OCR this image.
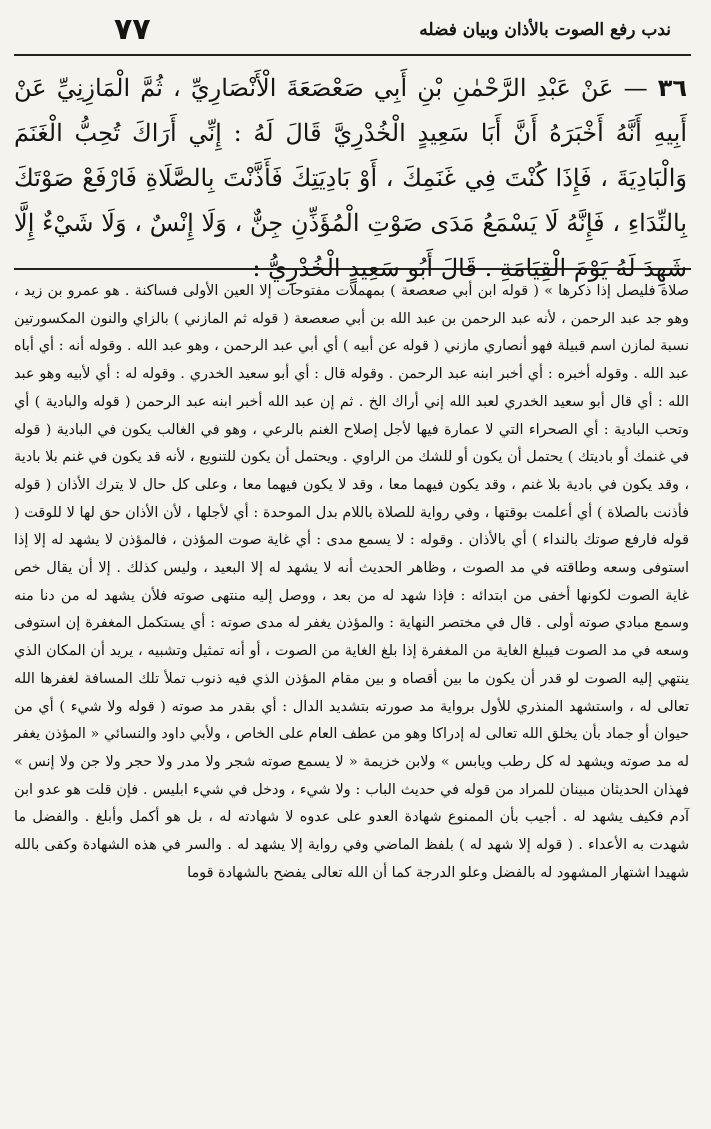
٧٧	ندب رفع الصوت بالأذان وبيان فضله
٣٦ — عَنْ عَبْدِ الرَّحْمٰنِ بْنِ أَبِي صَعْصَعَةَ الْأَنْصَارِيِّ ، ثُمَّ الْمَازِنِيِّ عَنْ أَبِيهِ أَنَّهُ أَخْبَرَهُ أَنَّ أَبَا سَعِيدٍ الْخُدْرِيَّ قَالَ لَهُ : إِنِّي أَرَاكَ تُحِبُّ الْغَنَمَ وَالْبَادِيَةَ ، فَإِذَا كُنْتَ فِي غَنَمِكَ ، أَوْ بَادِيَتِكَ فَأَذَّنْتَ بِالصَّلَاةِ فَارْفَعْ صَوْتَكَ بِالنِّدَاءِ ، فَإِنَّهُ لَا يَسْمَعُ مَدَى صَوْتِ الْمُؤَذِّنِ جِنٌّ ، وَلَا إِنْسٌ ، وَلَا شَيْءٌ إِلَّا شَهِدَ لَهُ يَوْمَ الْقِيَامَةِ . قَالَ أَبُو سَعِيدٍ الْخُدْرِيُّ :
صلاة فليصل إذا ذكرها » ( قوله ابن أبي صعصعة ) بمهملات مفتوحات إلا العين الأولى فساكنة . هو عمرو بن زيد ، وهو جد عبد الرحمن ، لأنه عبد الرحمن بن عبد الله بن أبي صعصعة ( قوله ثم المازني ) بالزاي والنون المكسورتين نسبة لمازن اسم قبيلة فهو أنصاري مازني ( قوله عن أبيه ) أي أبي عبد الرحمن ، وهو عبد الله . وقوله أنه : أي أباه عبد الله . وقوله أخبره : أي أخبر ابنه عبد الرحمن . وقوله قال : أي أبو سعيد الخدري . وقوله له : أي لأبيه وهو عبد الله : أي قال أبو سعيد الخدري لعبد الله إني أراك الخ . ثم إن عبد الله أخبر ابنه عبد الرحمن ( قوله والبادية ) أي وتحب البادية : أي الصحراء التي لا عمارة فيها لأجل إصلاح الغنم بالرعي ، وهو في الغالب يكون في البادية ( قوله في غنمك أو باديتك ) يحتمل أن يكون أو للشك من الراوي . ويحتمل أن يكون للتنويع ، لأنه قد يكون في غنم بلا بادية ، وقد يكون في بادية بلا غنم ، وقد يكون فيهما معا ، وقد لا يكون فيهما معا ، وعلى كل حال لا يترك الأذان ( قوله فأذنت بالصلاة ) أي أعلمت بوقتها ، وفي رواية للصلاة باللام بدل الموحدة : أي لأجلها ، لأن الأذان حق لها لا للوقت ( قوله فارفع صوتك بالنداء ) أي بالأذان . وقوله : لا يسمع مدى : أي غاية صوت المؤذن ، فالمؤذن لا يشهد له إلا إذا استوفى وسعه وطاقته في مد الصوت ، وظاهر الحديث أنه لا يشهد له إلا البعيد ، وليس كذلك . إلا أن يقال خص غاية الصوت لكونها أخفى من ابتدائه : فإذا شهد له من بعد ، ووصل إليه منتهى صوته فلأن يشهد له من دنا منه وسمع مبادي صوته أولى . قال في مختصر النهاية : والمؤذن يغفر له مدى صوته : أي يستكمل المغفرة إن استوفى وسعه في مد الصوت فيبلغ الغاية من المغفرة إذا بلغ الغاية من الصوت ، أو أنه تمثيل وتشبيه ، يريد أن المكان الذي ينتهي إليه الصوت لو قدر أن يكون ما بين أقصاه و بين مقام المؤذن الذي فيه ذنوب تملأ تلك المسافة لغفرها الله تعالى له ، واستشهد المنذري للأول برواية مد صورته بتشديد الدال : أي بقدر مد صوته ( قوله ولا شيء ) أي من حيوان أو جماد بأن يخلق الله تعالى له إدراكا وهو من عطف العام على الخاص ، ولأبي داود والنسائي « المؤذن يغفر له مد صوته ويشهد له كل رطب ويابس » ولابن خزيمة « لا يسمع صوته شجر ولا مدر ولا حجر ولا جن ولا إنس » فهذان الحديثان مبينان للمراد من قوله في حديث الباب : ولا شيء ، ودخل في شيء ابليس . فإن قلت هو عدو ابن آدم فكيف يشهد له . أجيب بأن الممنوع شهادة العدو على عدوه لا شهادته له ، بل هو أكمل وأبلغ . والفضل ما شهدت به الأعداء . ( قوله إلا شهد له ) بلفظ الماضي وفي رواية إلا يشهد له . والسر في هذه الشهادة وكفى بالله شهيدا اشتهار المشهود له بالفضل وعلو الدرجة كما أن الله تعالى يفضح بالشهادة قوما
